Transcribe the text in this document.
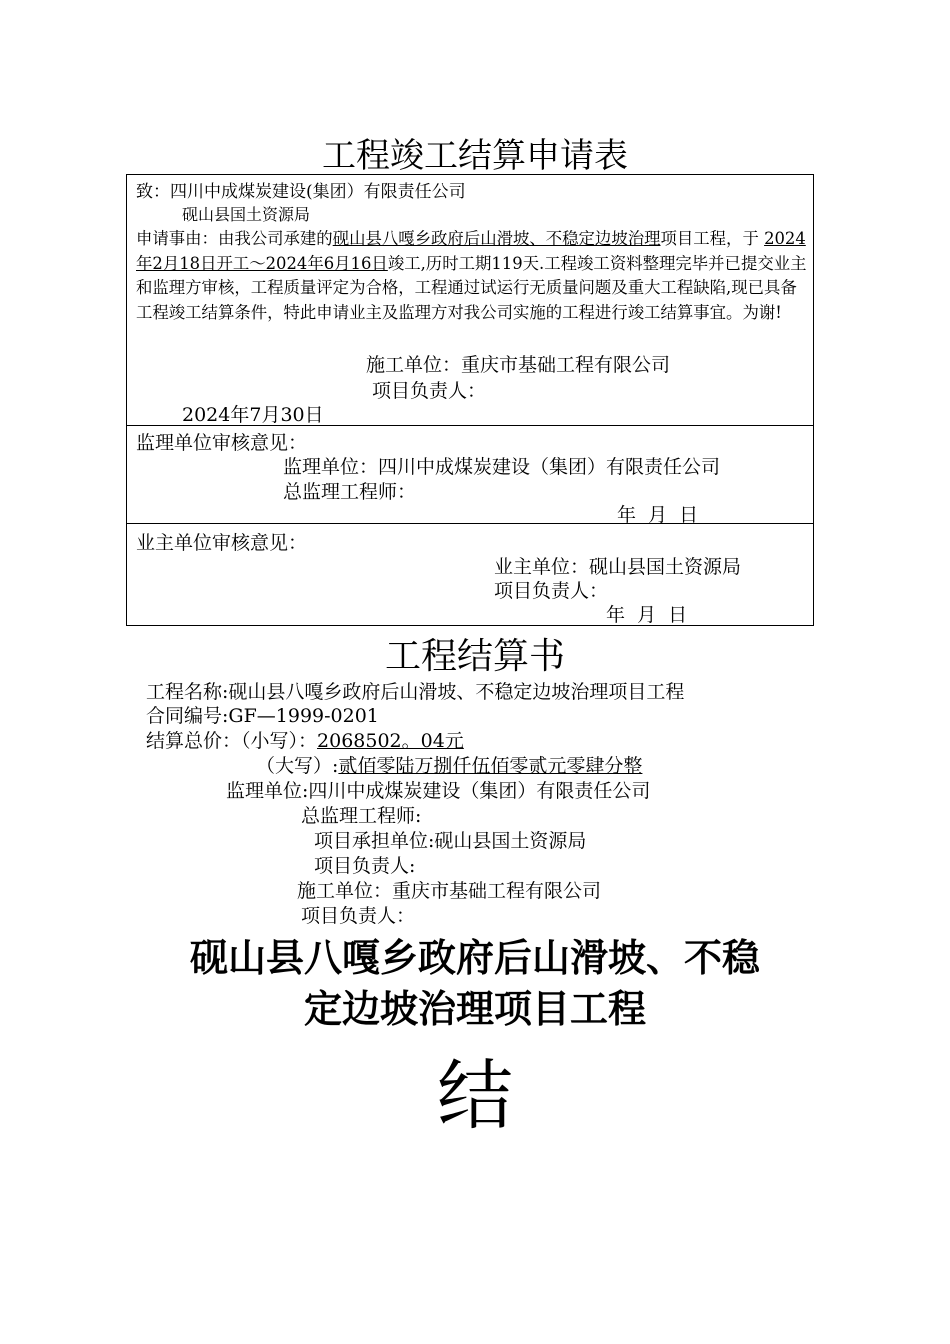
工程竣工结算申请表
致：四川中成煤炭建设(集团）有限责任公司
砚山县国土资源局
申请事由：由我公司承建的砚山县八嘎乡政府后山滑坡、不稳定边坡治理项目工程，于 2024年2月18日开工～2024年6月16日竣工,历时工期119天.工程竣工资料整理完毕并已提交业主和监理方审核，工程质量评定为合格，工程通过试运行无质量问题及重大工程缺陷,现已具备工程竣工结算条件，特此申请业主及监理方对我公司实施的工程进行竣工结算事宜。为谢!
施工单位：重庆市基础工程有限公司
项目负责人：
2024年7月30日
监理单位审核意见：
监理单位：四川中成煤炭建设（集团）有限责任公司
总监理工程师：
年  月  日
业主单位审核意见：
业主单位：砚山县国土资源局
项目负责人：
年  月  日
工程结算书
工程名称:砚山县八嘎乡政府后山滑坡、不稳定边坡治理项目工程
合同编号:GF—1999-0201
结算总价：（小写）：2068502。04元
（大写）:贰佰零陆万捌仟伍佰零贰元零肆分整
监理单位:四川中成煤炭建设（集团）有限责任公司
总监理工程师:
项目承担单位:砚山县国土资源局
项目负责人:
施工单位：重庆市基础工程有限公司
项目负责人：
砚山县八嘎乡政府后山滑坡、不稳
定边坡治理项目工程
结
